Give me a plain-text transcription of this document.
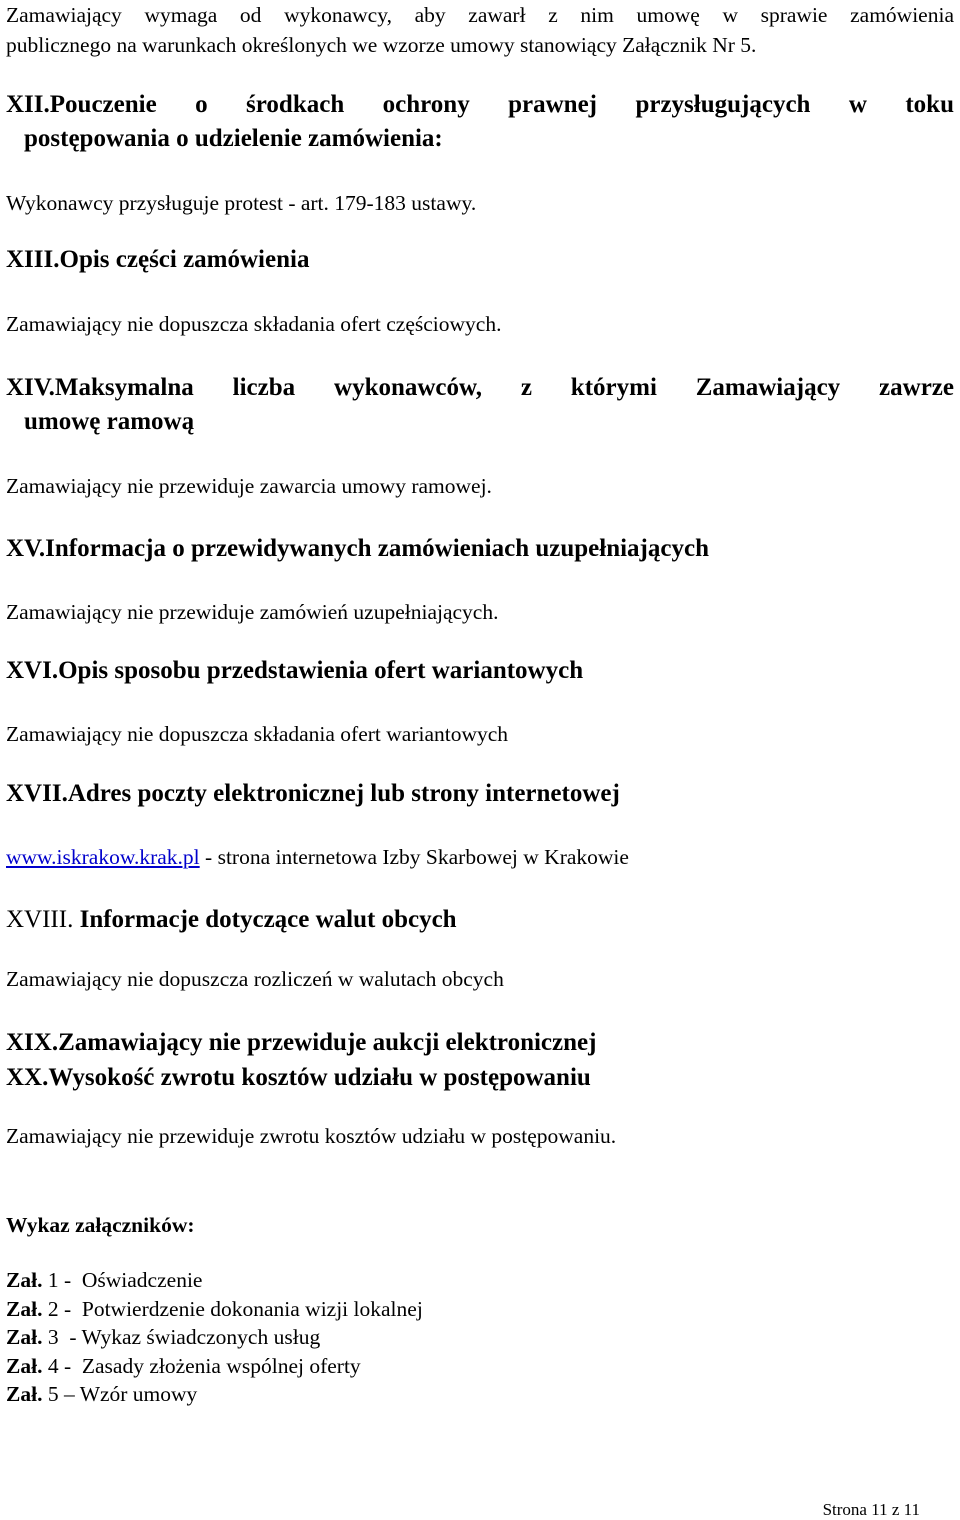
Zamawiający wymaga od wykonawcy, aby zawarł z nim umowę w sprawie zamówienia
publicznego na warunkach określonych we wzorze umowy stanowiący Załącznik Nr 5.
XII.Pouczenie o środkach ochrony prawnej przysługujących w toku
postępowania o udzielenie zamówienia:
Wykonawcy przysługuje protest - art. 179-183 ustawy.
XIII.Opis części zamówienia
Zamawiający nie dopuszcza składania ofert częściowych.
XIV.Maksymalna liczba wykonawców, z którymi Zamawiający zawrze
umowę ramową
Zamawiający nie przewiduje zawarcia umowy ramowej.
XV.Informacja o przewidywanych zamówieniach uzupełniających
Zamawiający nie przewiduje zamówień uzupełniających.
XVI.Opis sposobu przedstawienia ofert wariantowych
Zamawiający nie dopuszcza składania ofert wariantowych
XVII.Adres poczty elektronicznej lub strony internetowej
www.iskrakow.krak.pl - strona internetowa Izby Skarbowej w Krakowie
XVIII. Informacje dotyczące walut obcych
Zamawiający nie dopuszcza rozliczeń w walutach obcych
XIX.Zamawiający nie przewiduje aukcji elektronicznej
XX.Wysokość zwrotu kosztów udziału w postępowaniu
Zamawiający nie przewiduje zwrotu kosztów udziału w postępowaniu.
Wykaz załączników:
Zał. 1 -  Oświadczenie
Zał. 2 -  Potwierdzenie dokonania wizji lokalnej
Zał. 3  - Wykaz świadczonych usług
Zał. 4 -  Zasady złożenia wspólnej oferty
Zał. 5 – Wzór umowy
Strona 11 z 11
